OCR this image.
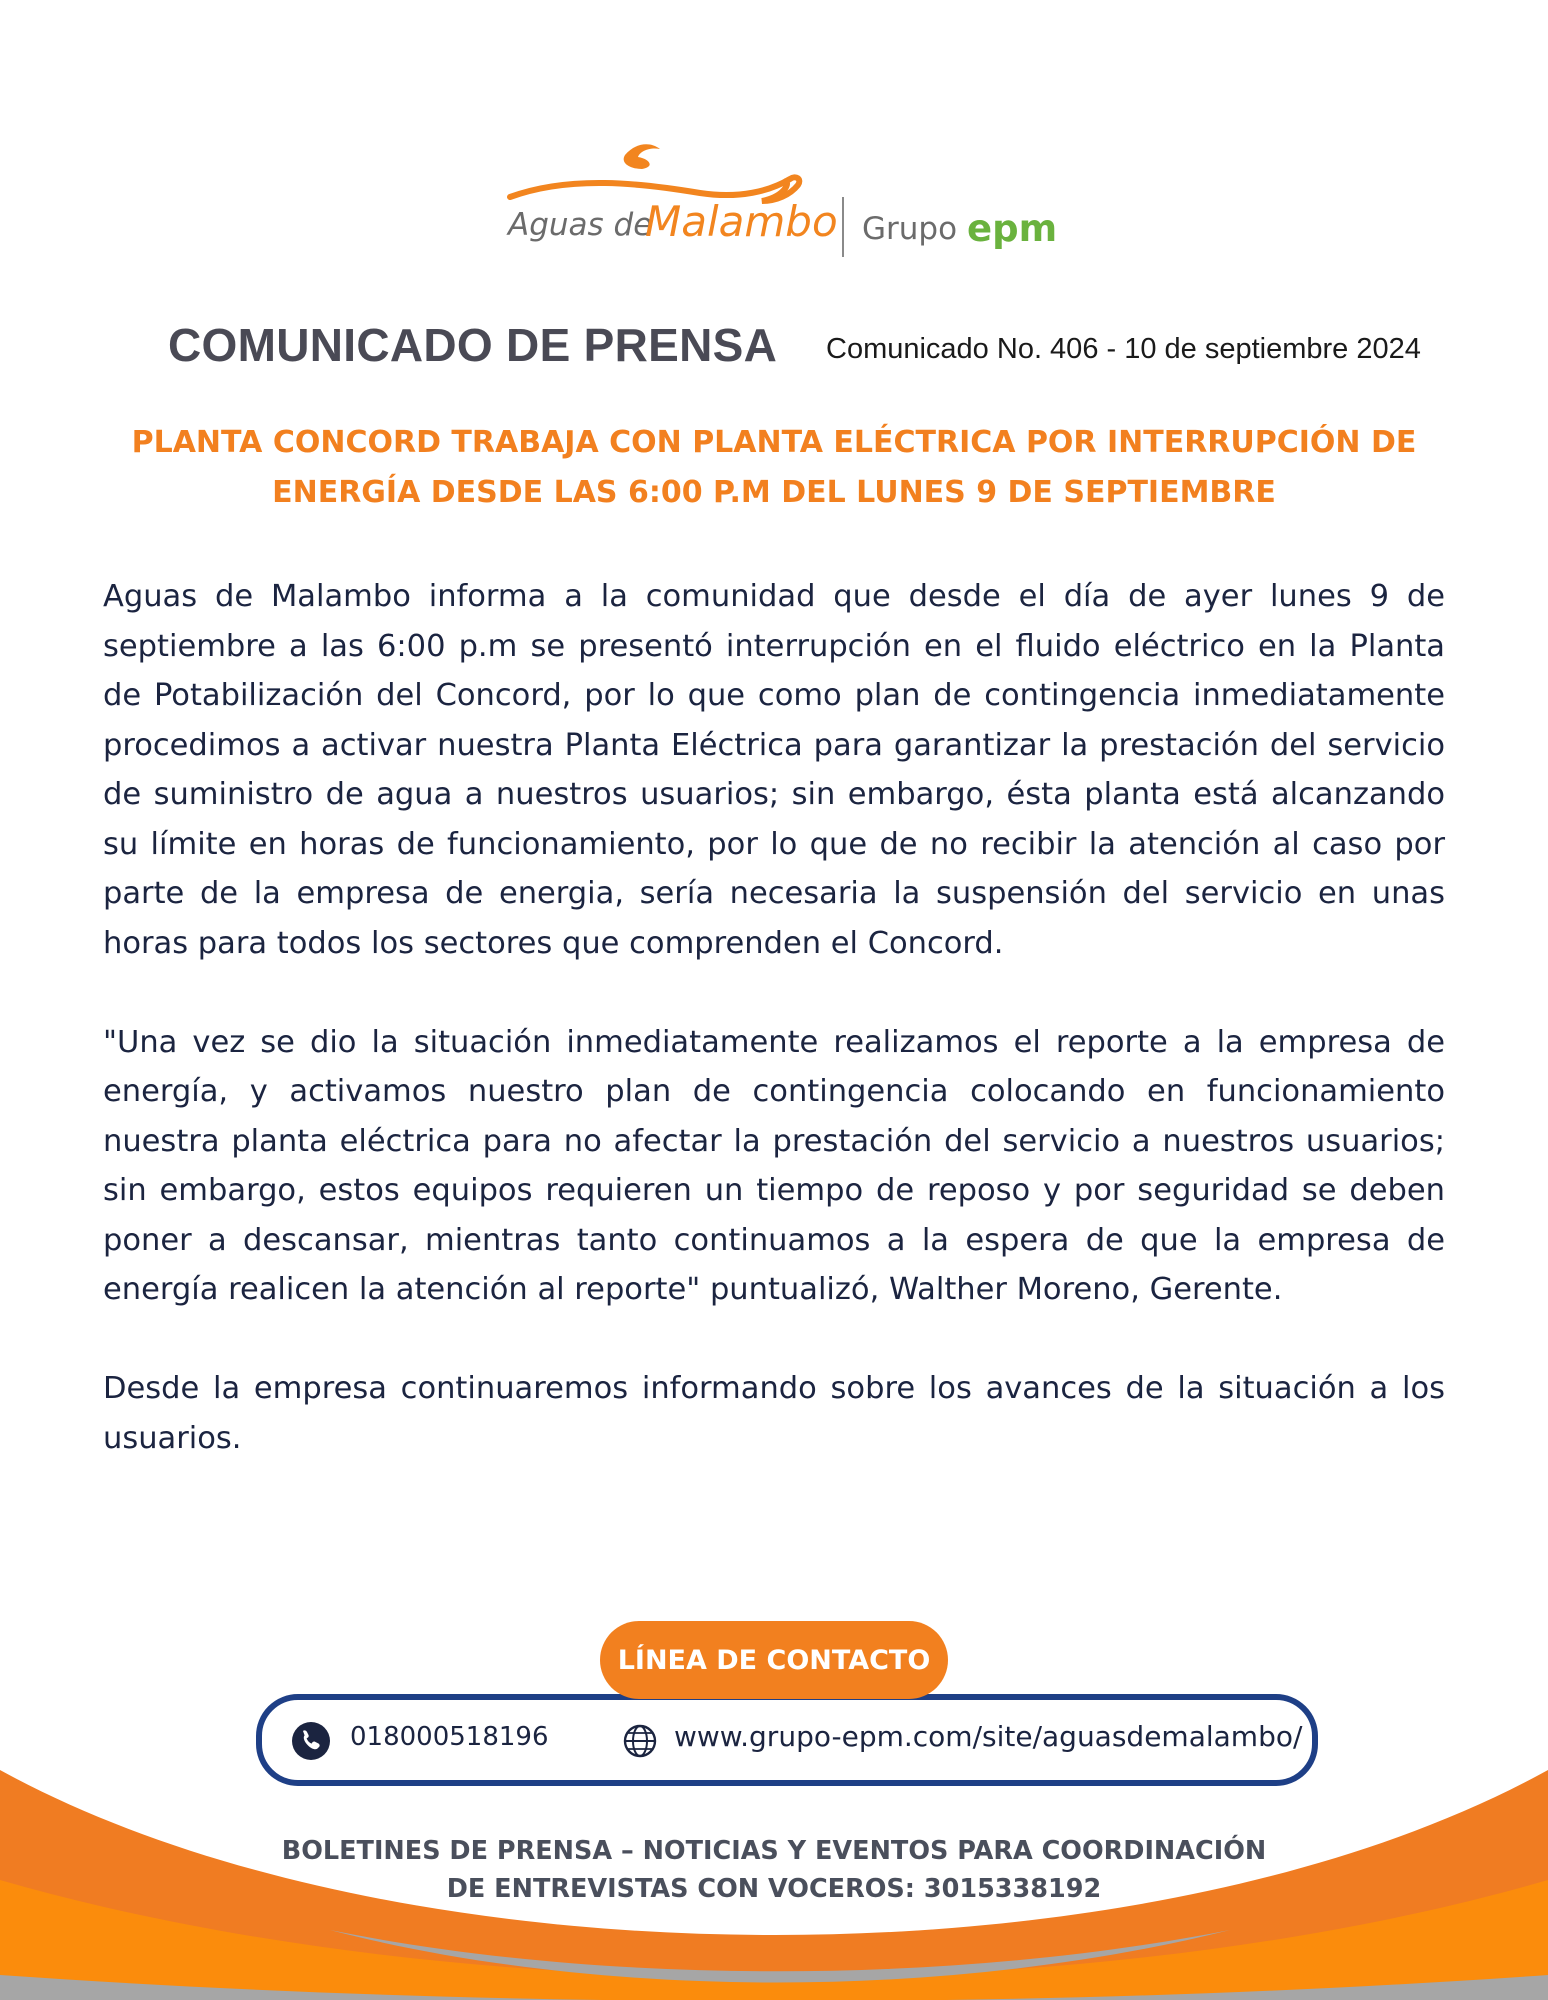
Aguas de
Malambo Grupo epm
COMUNICADO DE PRENSA Comunicado No. 406 - 10 de septiembre 2024
PLANTA CONCORD TRABAJA CON PLANTA ELÉCTRICA POR INTERRUPCIÓN DE
ENERGÍA DESDE LAS 6:00 P.M DEL LUNES 9 DE SEPTIEMBRE

Aguas de Malambo informa a la comunidad que desde el día de ayer lunes 9 de septiembre a las 6:00 p.m se presentó interrupción en el fluido eléctrico en la Planta de Potabilización del Concord, por lo que como plan de contingencia inmediatamente procedimos a activar nuestra Planta Eléctrica para garantizar la prestación del servicio de suministro de agua a nuestros usuarios; sin embargo, ésta planta está alcanzando su límite en horas de funcionamiento, por lo que de no recibir la atención al caso por parte de la empresa de energia, sería necesaria la suspensión del servicio en unas horas para todos los sectores que comprenden el Concord.

"Una vez se dio la situación inmediatamente realizamos el reporte a la empresa de energía, y activamos nuestro plan de contingencia colocando en funcionamiento nuestra planta eléctrica para no afectar la prestación del servicio a nuestros usuarios; sin embargo, estos equipos requieren un tiempo de reposo y por seguridad se deben poner a descansar, mientras tanto continuamos a la espera de que la empresa de energía realicen la atención al reporte" puntualizó, Walther Moreno, Gerente.

Desde la empresa continuaremos informando sobre los avances de la situación a los usuarios.

018000518196	www.grupo-epm.com/site/aguasdemalambo/
LÍNEA DE CONTACTO
BOLETINES DE PRENSA – NOTICIAS Y EVENTOS PARA COORDINACIÓN
DE ENTREVISTAS CON VOCEROS: 3015338192
